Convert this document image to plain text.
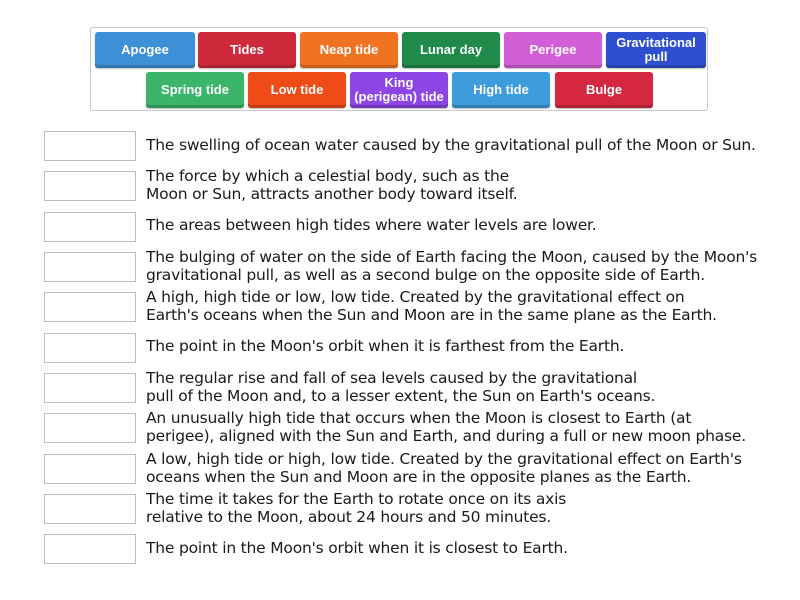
Apogee	Tides	Neap tide	Lunar day	Perigee	Gravitational
pull
Spring tide	Low tide	King
(perigean) tide High tide	Bulge
The swelling of ocean water caused by the gravitational pull of the Moon or Sun.
The force by which a celestial body, such as the
Moon or Sun, attracts another body toward itself.
The areas between high tides where water levels are lower.
The bulging of water on the side of Earth facing the Moon, caused by the Moon's
gravitational pull, as well as a second bulge on the opposite side of Earth.
A high, high tide or low, low tide. Created by the gravitational effect on
Earth's oceans when the Sun and Moon are in the same plane as the Earth.
The point in the Moon's orbit when it is farthest from the Earth.
The regular rise and fall of sea levels caused by the gravitational
pull of the Moon and, to a lesser extent, the Sun on Earth's oceans.
An unusually high tide that occurs when the Moon is closest to Earth (at
perigee), aligned with the Sun and Earth, and during a full or new moon phase.
A low, high tide or high, low tide. Created by the gravitational effect on Earth's
oceans when the Sun and Moon are in the opposite planes as the Earth.
The time it takes for the Earth to rotate once on its axis
relative to the Moon, about 24 hours and 50 minutes.
The point in the Moon's orbit when it is closest to Earth.
